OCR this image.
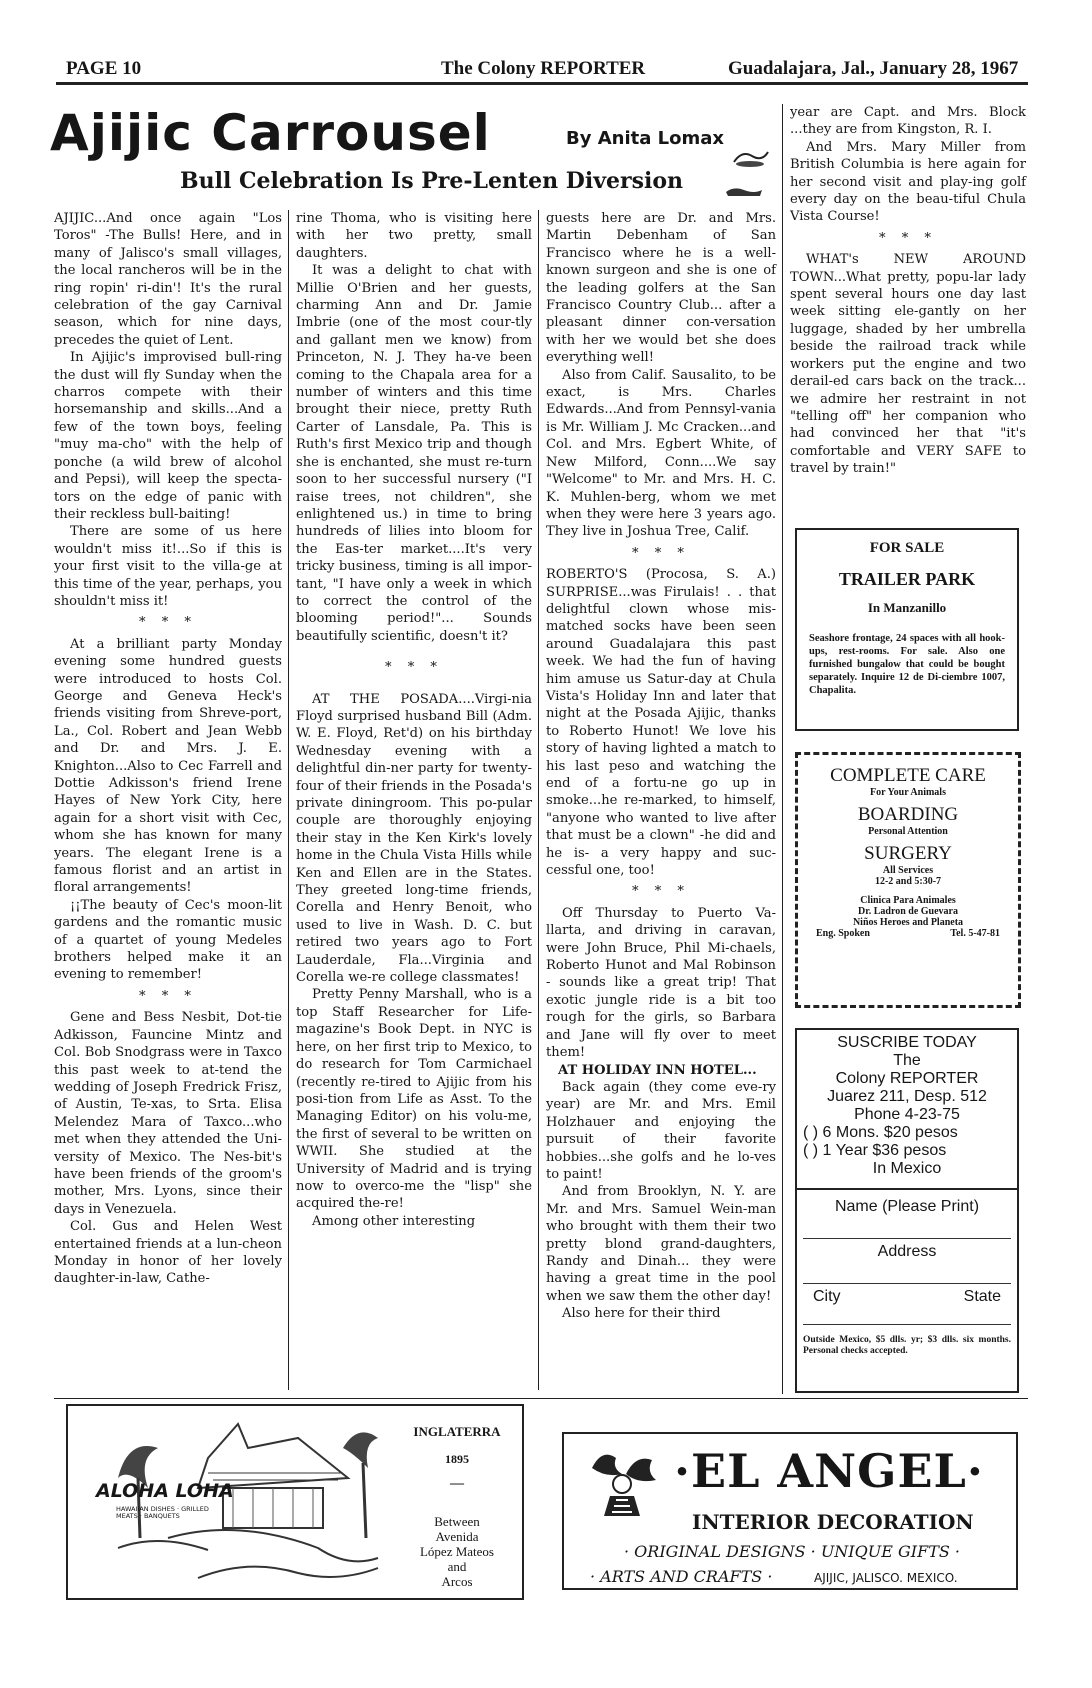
PAGE 10	The Colony REPORTER	Guadalajara, Jal., January 28, 1967
Ajijic Carrousel	By Anita Lomax
Bull Celebration Is Pre-Lenten Diversion

AJIJIC...And once again "Los Toros" -The Bulls! Here, and in many of Jalisco's small villages, the local rancheros will be in the ring ropin' ri-din'! It's the rural celebration of the gay Carnival season, which for nine days, precedes the quiet of Lent.

In Ajijic's improvised bull-ring the dust will fly Sunday when the charros compete with their horsemanship and skills...And a few of the town boys, feeling "muy ma-cho" with the help of ponche (a wild brew of alcohol and Pepsi), will keep the specta-tors on the edge of panic with their reckless bull-baiting!

There are some of us here wouldn't miss it!...So if this is your first visit to the villa-ge at this time of the year, perhaps, you shouldn't miss it!

* * *

At a brilliant party Monday evening some hundred guests were introduced to hosts Col. George and Geneva Heck's friends visiting from Shreve-port, La., Col. Robert and Jean Webb and Dr. and Mrs. J. E. Knighton...Also to Cec Farrell and Dottie Adkisson's friend Irene Hayes of New York City, here again for a short visit with Cec, whom she has known for many years. The elegant Irene is a famous florist and an artist in floral arrangements!

¡¡The beauty of Cec's moon-lit gardens and the romantic music of a quartet of young Medeles brothers helped make it an evening to remember!

* * *

Gene and Bess Nesbit, Dot-tie Adkisson, Fauncine Mintz and Col. Bob Snodgrass were in Taxco this past week to at-tend the wedding of Joseph Fredrick Frisz, of Austin, Te-xas, to Srta. Elisa Melendez Mara of Taxco...who met when they attended the Uni-versity of Mexico. The Nes-bit's have been friends of the groom's mother, Mrs. Lyons, since their days in Venezuela.

Col. Gus and Helen West entertained friends at a lun-cheon Monday in honor of her lovely daughter-in-law, Cathe-

rine Thoma, who is visiting here with her two pretty, small daughters.

It was a delight to chat with Millie O'Brien and her guests, charming Ann and Dr. Jamie Imbrie (one of the most cour-tly and gallant men we know) from Princeton, N. J. They ha-ve been coming to the Chapala area for a number of winters and this time brought their niece, pretty Ruth Carter of Lansdale, Pa. This is Ruth's first Mexico trip and though she is enchanted, she must re-turn soon to her successful nursery ("I raise trees, not children", she enlightened us.) in time to bring hundreds of lilies into bloom for the Eas-ter market....It's very tricky business, timing is all impor-tant, "I have only a week in which to correct the control of the blooming period!"... Sounds beautifully scientific, doesn't it?

* * *

AT THE POSADA....Virgi-nia Floyd surprised husband Bill (Adm. W. E. Floyd, Ret'd) on his birthday Wednesday evening with a delightful din-ner party for twenty-four of their friends in the Posada's private diningroom. This po-pular couple are thoroughly enjoying their stay in the Ken Kirk's lovely home in the Chula Vista Hills while Ken and Ellen are in the States. They greeted long-time friends, Corella and Henry Benoit, who used to live in Wash. D. C. but retired two years ago to Fort Lauderdale, Fla...Virginia and Corella we-re college classmates!

Pretty Penny Marshall, who is a top Staff Researcher for Life-magazine's Book Dept. in NYC is here, on her first trip to Mexico, to do research for Tom Carmichael (recently re-tired to Ajijic from his posi-tion from Life as Asst. To the Managing Editor) on his volu-me, the first of several to be written on WWII. She studied at the University of Madrid and is trying now to overco-me the "lisp" she acquired the-re!

Among other interesting

guests here are Dr. and Mrs. Martin Debenham of San Francisco where he is a well-known surgeon and she is one of the leading golfers at the San Francisco Country Club... after a pleasant dinner con-versation with her we would bet she does everything well!

Also from Calif. Sausalito, to be exact, is Mrs. Charles Edwards...And from Pennsyl-vania is Mr. William J. Mc Cracken...and Col. and Mrs. Egbert White, of New Milford, Conn....We say "Welcome" to Mr. and Mrs. H. C. K. Muhlen-berg, whom we met when they were here 3 years ago. They live in Joshua Tree, Calif.

* * *

ROBERTO'S (Procosa, S. A.) SURPRISE...was Firulais! . . that delightful clown whose mis-matched socks have been seen around Guadalajara this past week. We had the fun of having him amuse us Satur-day at Chula Vista's Holiday Inn and later that night at the Posada Ajijic, thanks to Roberto Hunot! We love his story of having lighted a match to his last peso and watching the end of a fortu-ne go up in smoke...he re-marked, to himself, "anyone who wanted to live after that must be a clown" -he did and he is- a very happy and suc-cessful one, too!

* * *

Off Thursday to Puerto Va-llarta, and driving in caravan, were John Bruce, Phil Mi-chaels, Roberto Hunot and Mal Robinson - sounds like a great trip! That exotic jungle ride is a bit too rough for the girls, so Barbara and Jane will fly over to meet them!

AT HOLIDAY INN HOTEL...

Back again (they come eve-ry year) are Mr. and Mrs. Emil Holzhauer and enjoying the pursuit of their favorite hobbies...she golfs and he lo-ves to paint!

And from Brooklyn, N. Y. are Mr. and Mrs. Samuel Wein-man who brought with them their two pretty blond grand-daughters, Randy and Dinah... they were having a great time in the pool when we saw them the other day!

Also here for their third

year are Capt. and Mrs. Block ...they are from Kingston, R. I.

And Mrs. Mary Miller from British Columbia is here again for her second visit and play-ing golf every day on the beau-tiful Chula Vista Course!

* * *

WHAT's NEW AROUND TOWN...What pretty, popu-lar lady spent several hours one day last week sitting ele-gantly on her luggage, shaded by her umbrella beside the railroad track while workers put the engine and two derail-ed cars back on the track... we admire her restraint in not "telling off" her companion who had convinced her that "it's comfortable and VERY SAFE to travel by train!"

FOR SALE
TRAILER PARK
In Manzanillo
Seashore frontage, 24 spaces with all hook-ups, rest-rooms. For sale. Also one furnished bungalow that could be bought separately. Inquire 12 de Di-ciembre 1007, Chapalita.
COMPLETE CARE
For Your Animals
BOARDING
Personal Attention
SURGERY
All Services
12-2 and 5:30-7
Clinica Para Animales
Dr. Ladron de Guevara
Niños Heroes and Planeta
Eng. Spoken	Tel. 5-47-81
SUSCRIBE TODAY
The
Colony REPORTER
Juarez 211, Desp. 512
Phone 4-23-75
( ) 6 Mons. $20 pesos
( ) 1 Year $36 pesos
In Mexico
Name (Please Print)
Address
City	State
Outside Mexico, $5 dlls. yr; $3 dlls. six months. Personal checks accepted.
ALOHA LOHA
HAWAIIAN DISHES · GRILLED MEATS · BANQUETS
INGLATERRA
1895
—
Between
Avenida
López Mateos
and
Arcos
·EL ANGEL·
INTERIOR DECORATION
· ORIGINAL DESIGNS · UNIQUE GIFTS ·
· ARTS AND CRAFTS ·	AJIJIC, JALISCO. MEXICO.
